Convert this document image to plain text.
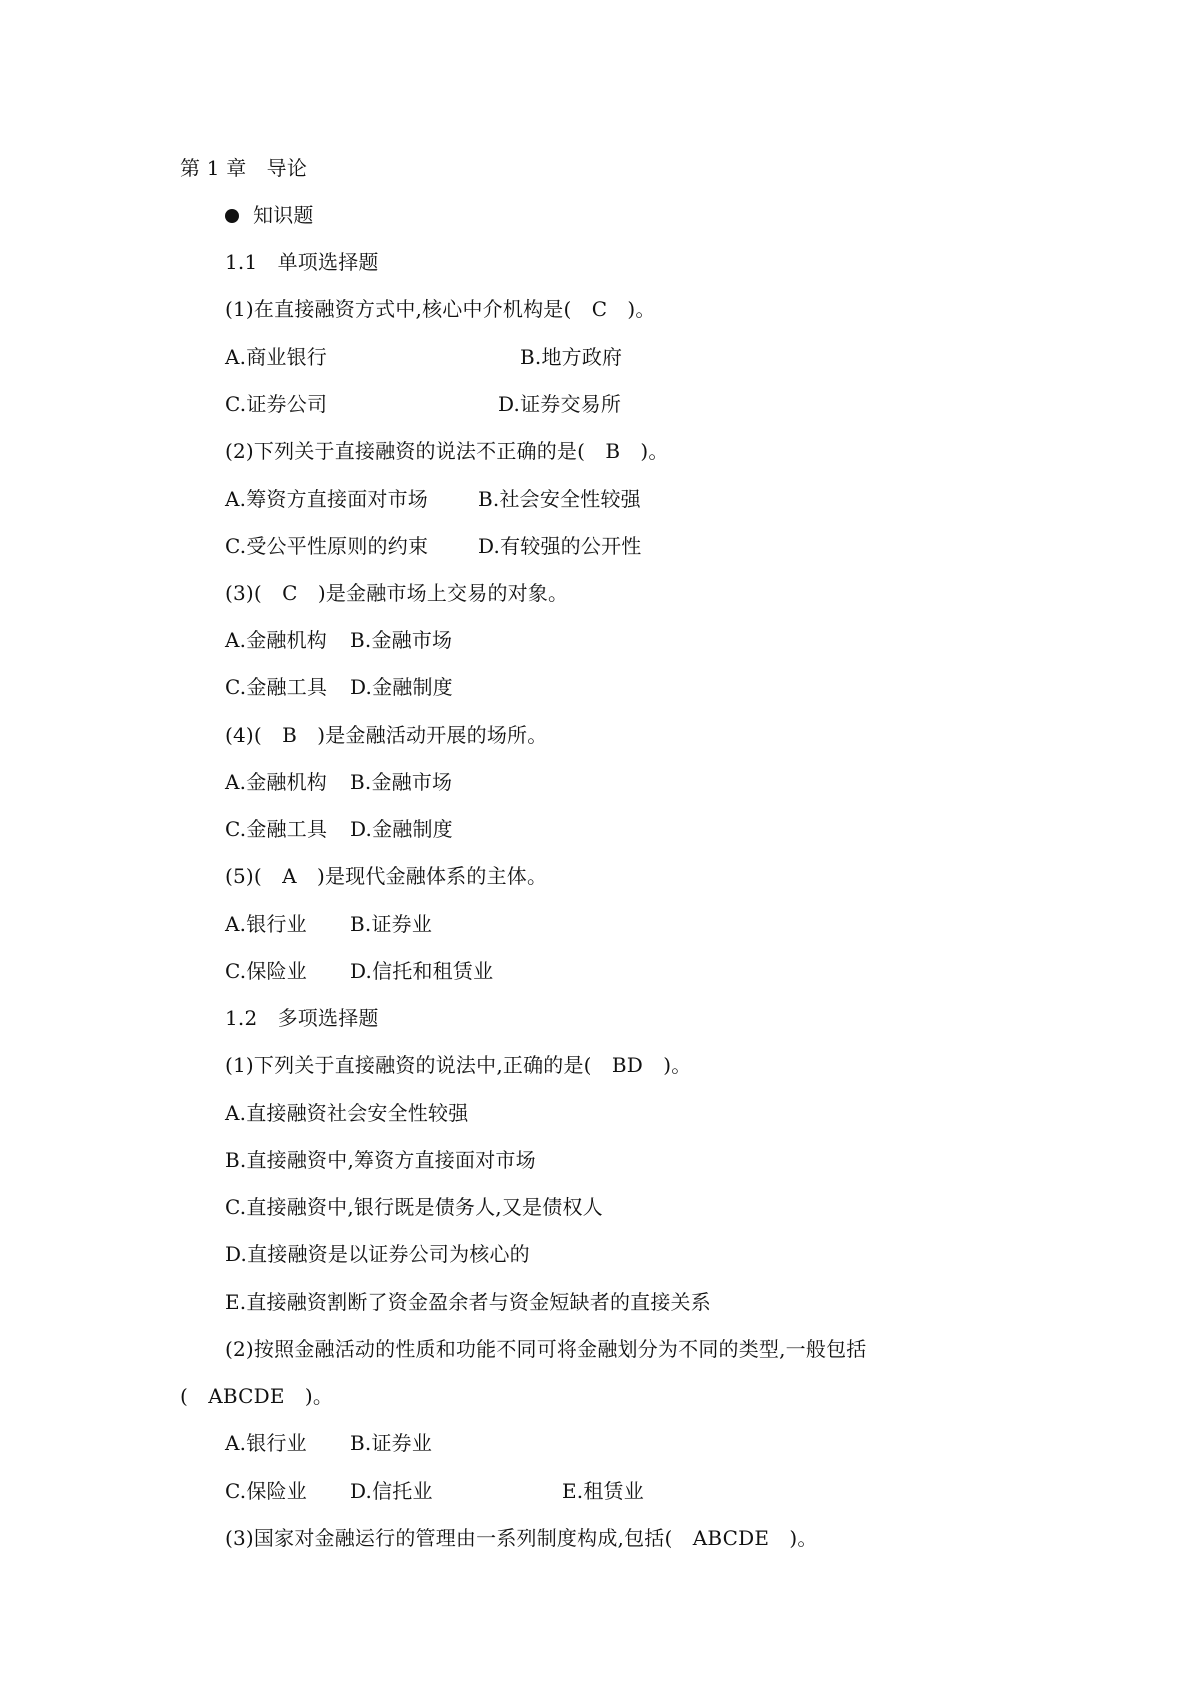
第 1 章　导论
知识题
1.1　单项选择题
(1)在直接融资方式中,核心中介机构是(　C　)。
A.商业银行	B.地方政府
C.证券公司	D.证券交易所
(2)下列关于直接融资的说法不正确的是(　B　)。
A.筹资方直接面对市场 B.社会安全性较强
C.受公平性原则的约束 D.有较强的公开性
(3)(　C　)是金融市场上交易的对象。
A.金融机构 B.金融市场
C.金融工具 D.金融制度
(4)(　B　)是金融活动开展的场所。
A.金融机构 B.金融市场
C.金融工具 D.金融制度
(5)(　A　)是现代金融体系的主体。
A.银行业 B.证券业
C.保险业 D.信托和租赁业
1.2　多项选择题
(1)下列关于直接融资的说法中,正确的是(　BD　)。
A.直接融资社会安全性较强
B.直接融资中,筹资方直接面对市场
C.直接融资中,银行既是债务人,又是债权人
D.直接融资是以证券公司为核心的
E.直接融资割断了资金盈余者与资金短缺者的直接关系
(2)按照金融活动的性质和功能不同可将金融划分为不同的类型,一般包括
(　ABCDE　)。
A.银行业 B.证券业
C.保险业 D.信托业	E.租赁业
(3)国家对金融运行的管理由一系列制度构成,包括(　ABCDE　)。
